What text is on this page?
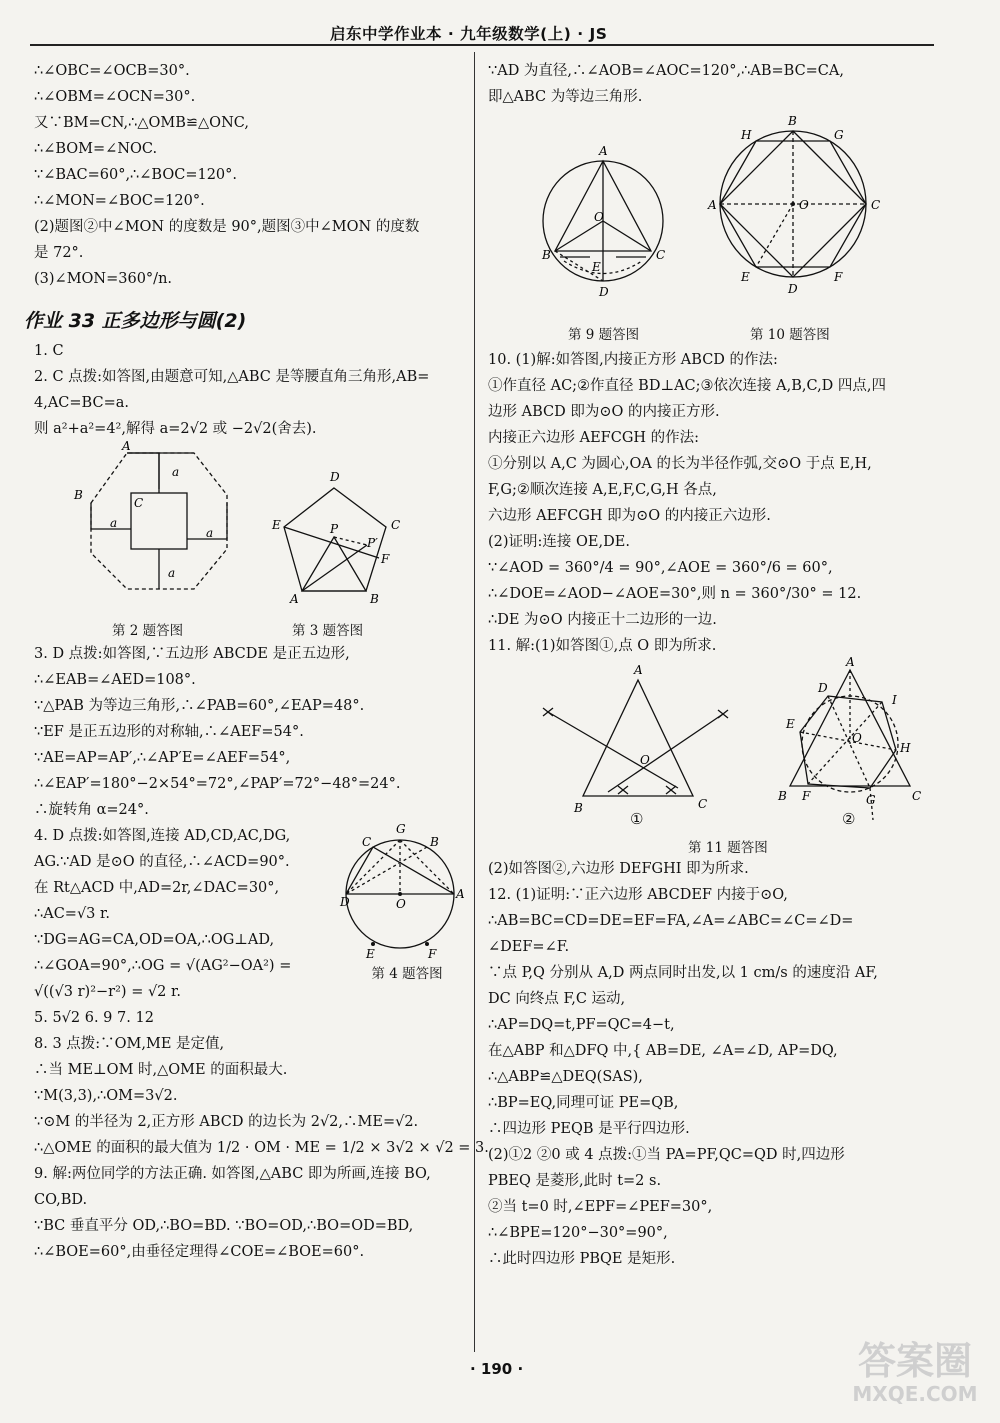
启东中学作业本 · 九年级数学(上) · JS
∴∠OBC=∠OCB=30°.
∴∠OBM=∠OCN=30°.
又∵BM=CN,∴△OMB≌△ONC,
∴∠BOM=∠NOC.
∵∠BAC=60°,∴∠BOC=120°.
∴∠MON=∠BOC=120°.
(2)题图②中∠MON 的度数是 90°,题图③中∠MON 的度数
是 72°.
(3)∠MON=360°/n.
作业 33 正多边形与圆(2)
1. C
2. C 点拨:如答图,由题意可知,△ABC 是等腰直角三角形,AB=
4,AC=BC=a.
则 a²+a²=4²,解得 a=2√2 或 −2√2(舍去).
A
B
C
a
a
a
a
D
C
E	P
P′
F
A	B
第 2 题答图	第 3 题答图
3. D 点拨:如答图,∵五边形 ABCDE 是正五边形,
∴∠EAB=∠AED=108°.
∵△PAB 为等边三角形,∴∠PAB=60°,∠EAP=48°.
∵EF 是正五边形的对称轴,∴∠AEF=54°.
∵AE=AP=AP′,∴∠AP′E=∠AEF=54°,
∴∠EAP′=180°−2×54°=72°,∠PAP′=72°−48°=24°.
∴旋转角 α=24°.
4. D 点拨:如答图,连接 AD,CD,AC,DG,
AG.∵AD 是⊙O 的直径,∴∠ACD=90°.
在 Rt△ACD 中,AD=2r,∠DAC=30°,
∴AC=√3 r.
∵DG=AG=CA,OD=OA,∴OG⊥AD,
∴∠GOA=90°,∴OG = √(AG²−OA²) =
√((√3 r)²−r²) = √2 r.
G
C	B
D
A
O
E	F
第 4 题答图
5. 5√2 6. 9 7. 12
8. 3 点拨:∵OM,ME 是定值,
∴当 ME⊥OM 时,△OME 的面积最大.
∵M(3,3),∴OM=3√2.
∵⊙M 的半径为 2,正方形 ABCD 的边长为 2√2,∴ME=√2.
∴△OME 的面积的最大值为 1/2 · OM · ME = 1/2 × 3√2 × √2 = 3.
9. 解:两位同学的方法正确. 如答图,△ABC 即为所画,连接 BO,
CO,BD.
∵BC 垂直平分 OD,∴BO=BD. ∵BO=OD,∴BO=OD=BD,
∴∠BOE=60°,由垂径定理得∠COE=∠BOE=60°.
∵AD 为直径,∴∠AOB=∠AOC=120°,∴AB=BC=CA,
即△ABC 为等边三角形.
A
O
B	C
E
D
B
H	G
A	C
O
E	F
D
第 9 题答图	第 10 题答图
10. (1)解:如答图,内接正方形 ABCD 的作法:
①作直径 AC;②作直径 BD⊥AC;③依次连接 A,B,C,D 四点,四
边形 ABCD 即为⊙O 的内接正方形.
内接正六边形 AEFCGH 的作法:
①分别以 A,C 为圆心,OA 的长为半径作弧,交⊙O 于点 E,H,
F,G;②顺次连接 A,E,F,C,G,H 各点,
六边形 AEFCGH 即为⊙O 的内接正六边形.
(2)证明:连接 OE,DE.
∵∠AOD = 360°/4 = 90°,∠AOE = 360°/6 = 60°,
∴∠DOE=∠AOD−∠AOE=30°,则 n = 360°/30° = 12.
∴DE 为⊙O 内接正十二边形的一边.
11. 解:(1)如答图①,点 O 即为所求.
A
O
B	C
A
D
I
E
O
H
B F	G	C
①	②
第 11 题答图
(2)如答图②,六边形 DEFGHI 即为所求.
12. (1)证明:∵正六边形 ABCDEF 内接于⊙O,
∴AB=BC=CD=DE=EF=FA,∠A=∠ABC=∠C=∠D=
∠DEF=∠F.
∵点 P,Q 分别从 A,D 两点同时出发,以 1 cm/s 的速度沿 AF,
DC 向终点 F,C 运动,
∴AP=DQ=t,PF=QC=4−t,
在△ABP 和△DFQ 中,{ AB=DE, ∠A=∠D, AP=DQ,
∴△ABP≌△DEQ(SAS),
∴BP=EQ,同理可证 PE=QB,
∴四边形 PEQB 是平行四边形.
(2)①2 ②0 或 4 点拨:①当 PA=PF,QC=QD 时,四边形
PBEQ 是菱形,此时 t=2 s.
②当 t=0 时,∠EPF=∠PEF=30°,
∴∠BPE=120°−30°=90°,
∴此时四边形 PBQE 是矩形.
· 190 ·	答案圈
MXQE.COM
